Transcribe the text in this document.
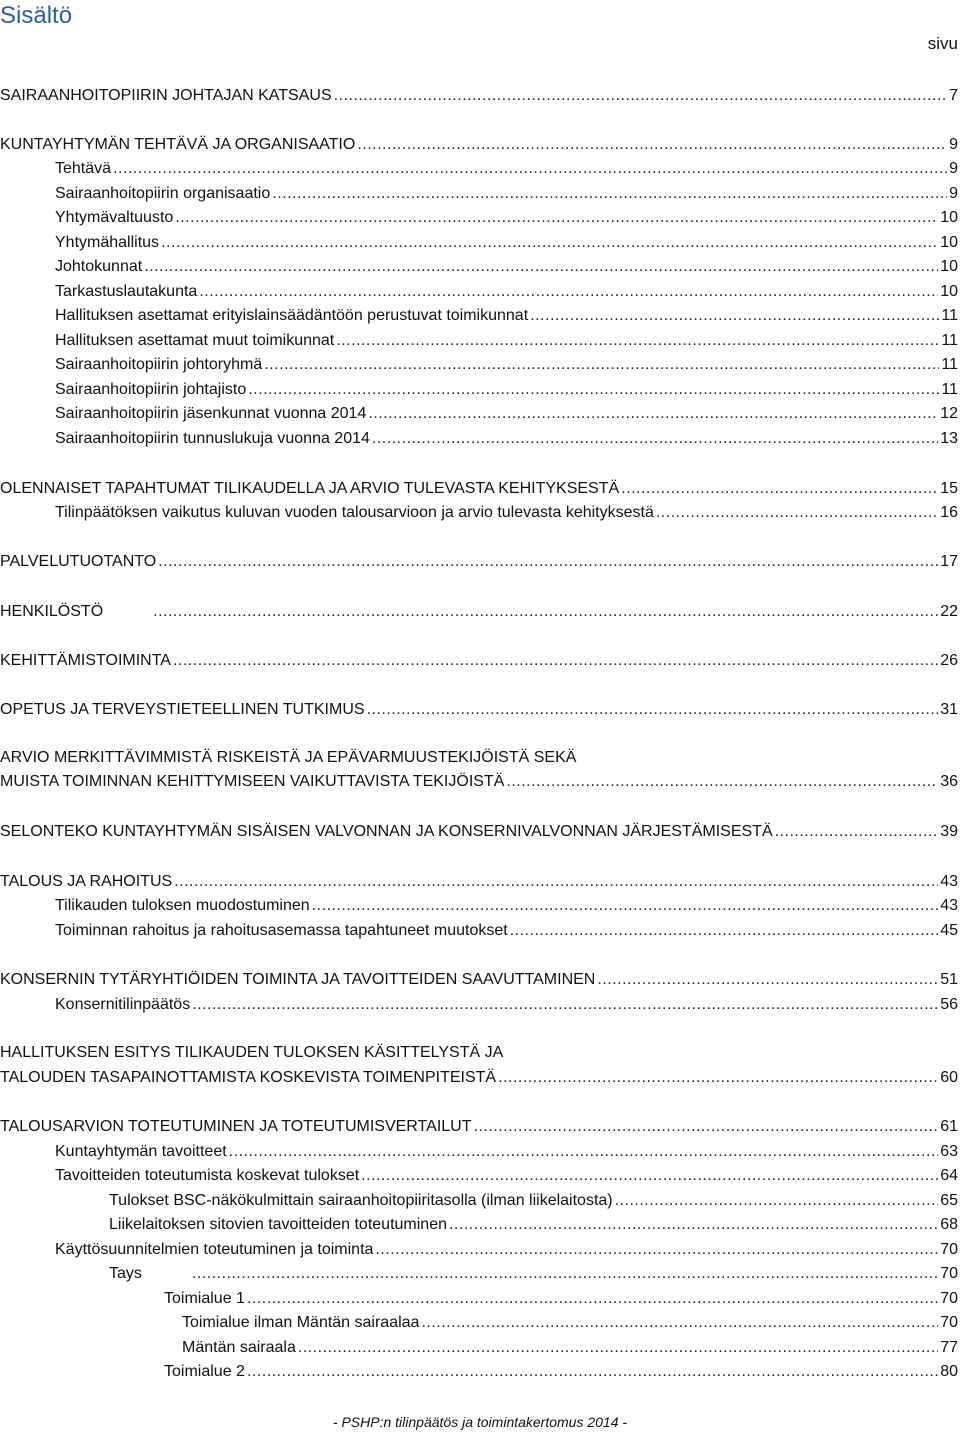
Sisältö
sivu
SAIRAANHOITOPIIRIN JOHTAJAN KATSAUS .....	7
KUNTAYHTYMÄN TEHTÄVÄ JA ORGANISAATIO .....	9
Tehtävä .....	9
Sairaanhoitopiirin organisaatio .....	9
Yhtymävaltuusto .....	10
Yhtymähallitus .....	10
Johtokunnat .....	10
Tarkastuslautakunta .....	10
Hallituksen asettamat erityislainsäädäntöön perustuvat toimikunnat .....	11
Hallituksen asettamat muut toimikunnat .....	11
Sairaanhoitopiirin johtoryhmä .....	11
Sairaanhoitopiirin johtajisto .....	11
Sairaanhoitopiirin jäsenkunnat vuonna 2014 .....	12
Sairaanhoitopiirin tunnuslukuja vuonna 2014 .....	13
OLENNAISET TAPAHTUMAT TILIKAUDELLA JA ARVIO TULEVASTA KEHITYKSESTÄ .....	15
Tilinpäätöksen vaikutus kuluvan vuoden talousarvioon ja arvio tulevasta kehityksestä .....	16
PALVELUTUOTANTO .....	17
HENKILÖSTÖ .....	22
KEHITTÄMISTOIMINTA .....	26
OPETUS JA TERVEYSTIETEELLINEN TUTKIMUS .....	31
ARVIO MERKITTÄVIMMISTÄ RISKEISTÄ JA EPÄVARMUUSTEKIJÖISTÄ SEKÄ
MUISTA TOIMINNAN KEHITTYMISEEN VAIKUTTAVISTA TEKIJÖISTÄ .....	36
SELONTEKO KUNTAYHTYMÄN SISÄISEN VALVONNAN JA KONSERNIVALVONNAN JÄRJESTÄMISESTÄ .....	39
TALOUS JA RAHOITUS .....	43
Tilikauden tuloksen muodostuminen .....	43
Toiminnan rahoitus ja rahoitusasemassa tapahtuneet muutokset .....	45
KONSERNIN TYTÄRYHTIÖIDEN TOIMINTA JA TAVOITTEIDEN SAAVUTTAMINEN .....	51
Konsernitilinpäätös .....	56
HALLITUKSEN ESITYS TILIKAUDEN TULOKSEN KÄSITTELYSTÄ JA
TALOUDEN TASAPAINOTTAMISTA KOSKEVISTA TOIMENPITEISTÄ .....	60
TALOUSARVION TOTEUTUMINEN JA TOTEUTUMISVERTAILUT .....	61
Kuntayhtymän tavoitteet .....	63
Tavoitteiden toteutumista koskevat tulokset .....	64
Tulokset BSC-näkökulmittain sairaanhoitopiiritasolla (ilman liikelaitosta) .....	65
Liikelaitoksen sitovien tavoitteiden toteutuminen .....	68
Käyttösuunnitelmien toteutuminen ja toiminta .....	70
Tays .....	70
Toimialue 1 .....	70
Toimialue ilman Mäntän sairaalaa .....	70
Mäntän sairaala .....	77
Toimialue 2 .....	80
- PSHP:n tilinpäätös ja toimintakertomus 2014 -
